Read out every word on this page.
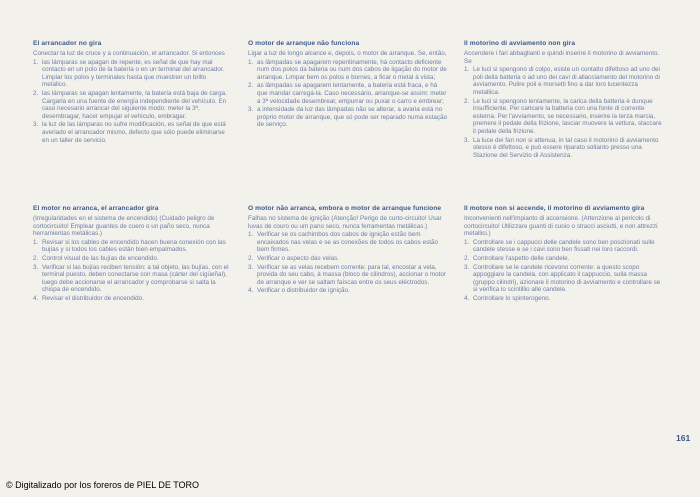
El arrancador no gira
Conectar la luz de cruce y a continuación, el arrancador. Si entonces
1. las lámparas se apagan de repente, es señal de que hay mal contacto en un polo de la batería o en un terminal del arrancador. Limpiar los polos y terminales hasta que muestren un brillo metálico.
2. las lámparas se apagan lentamente, la batería está baja de carga. Cargarla en una fuente de energía independiente del vehículo. En caso necesario arrancar del siguiente modo: meter la 3ª, desembragar, hacer empujar el vehículo, embragar.
3. la luz de las lámparas no sufre modificación, es señal de que está averiado el arrancador mismo, defecto que sólo puede eliminarse en un taller de servicio.
El motor no arranca, el arrancador gira
(Irregularidades en el sistema de encendido) (Cuidado peligro de cortocircuito! Emplear guantes de cuero o un paño seco, nunca herramientas metálicas.)
1. Revisar si los cables de encendido hacen buena conexión con las bujías y si todos los cables están bien empalmados.
2. Control visual de las bujías de encendido.
3. Verificar si las bujías reciben tensión: a tal objeto, las bujías, con el terminal puesto, deben conectarse con masa (cárter del cigüeñal), luego debe accionarse el arrancador y comprobarse si salta la chispa de encendido.
4. Revisar el distribuidor de encendido.
O motor de arranque não funciona
Ligar a luz de longo alcance e, depois, o motor de arranque. Se, então,
1. as lâmpadas se apagarem repentinamente, há contacto deficiente num dos polos da bateria ou num dos cabos de ligação do motor de arranque. Limpar bem os polos e bornes, a ficar o metal à vista;
2. as lâmpadas se apagarem lentamente, a bateria está fraca, e há que mandar carregá-la. Caso necessário, arranque-se assim: meter a 3ª velocidade desembrear, empurrar ou puxar o carro e embrear;
3. a intensidade da luz das lâmpadas não se alterar, a avaria está no próprio motor de arranque, que só pode ser reparado numa estação de serviço.
O motor não arranca, embora o motor de arranque funcione
Falhas no sistema de ignição (Atenção! Perigo de curto-circuito! Usar luvas de couro ou um pano seco, nunca ferramentas metálicas.)
1. Verificar se os cachimbos dos cabos de ignição estão bem encaixados nas velas e se as conexões de todos os cabos estão bem firmes.
2. Verificar o aspecto das velas.
3. Verificar se as velas recebem corrente: para tal, encostar a vela, provida do seu cabo, à massa (bloco de cilindros), accionar o motor de arranque e ver se saltam faíscas entre os seus eléctrodos.
4. Verificar o distribuidor de ignição.
Il motorino di avviamento non gira
Accendere i fari abbaglianti e quindi inserire il motorino di avviamento. Se
1. Le luci si spengono di colpo, esiste un contatto difettoso ad uno dei poli della batteria o ad uno dei cavi di allacciamento del motorino di avviamento. Pulire poli e morsetti fino a dar loro lucentezza metallica.
2. Le luci si spengono lentamente, la carica della batteria è dunque insufficiente. Per caricare la batteria con una fonte di corrente esterna. Per l'avviamento, se necessario, inserire la terza marcia, premere il pedale della frizione, lasciar muovere la vettura, staccare il pedale della frizione.
3. La luce dei fari non si attenua, in tal caso il motorino di avviamento stesso è difettoso, e può essere riparato soltanto presso una Stazione del Servizio di Assistenza.
Il motore non si accende, il motorino di avviamento gira
Inconvenienti nell'impianto di accensione. (Attenzione al pericolo di cortocircuito! Utilizzare guanti di cuoio o stracci asciutti, e non attrezzi metallici.)
1. Controllare se i cappucci delle candele sono ben posizionati sulle candele stesse e se i cavi sono ben fissati nei loro raccordi.
2. Controllare l'aspetto delle candele.
3. Controllare se le candele ricevono corrente: a questo scopo appoggiare la candela, con applicato il cappuccio, sulla massa (gruppo cilindri), azionare il motorino di avviamento e controllare se si verifica lo scintillio alle candele.
4. Controllare lo spinterogeno.
161
© Digitalizado por los foreros de PIEL DE TORO
